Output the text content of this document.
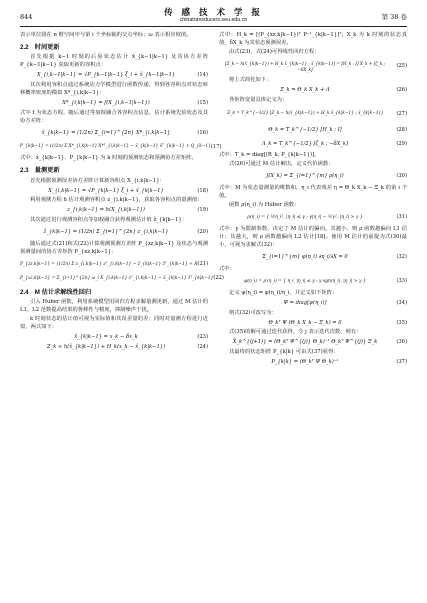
844	传 感 技 术 学 报
chinatransducers.seu.edu.cn	第 38 卷

表示单位圆在 n 维空间中与第 i 个坐标轴的交点坐标；ω 表示相应权值。

2.2　时间更新

首先根据 k−1 时刻的后验状态估计 x̂_{k−1|k−1} 及其协方差阵 P_{k−1|k−1} 获取更新的容积点：

X_{i,k−1|k−1} = √P_{k−1|k−1} ξ_i + x̂_{k−1|k−1}	(14)

其次利用容积点通过系统动力学模型进行函数传递，得到各容积点对状态转移概率密度的模拟 X*_{i,k|k−1}：

X*_{i,k|k−1} = f(X_{i,k−1|k−1})	(15)

式中 f 为状态方程。随后通过等加权融合各容积点信息，估计系统先验状态及其协方差阵：

x̂_{k|k−1} = (1/2n) Σ_{i=1}^{2n} X*_{i,k|k−1}	(16)
P_{k|k−1} = (1/2n) Σ X*_{i,k|k−1} X*ᵀ_{i,k|k−1} − x̂_{k|k−1} x̂ᵀ_{k|k−1} + Q_{k−1} (17)

式中：x̂_{k|k−1}、P_{k|k−1} 为 k 时刻的预测状态和预测协方差矩阵。

2.3　量测更新

首先根据预测误差协方差阵计算新容积点 X_{i,k|k−1}：

X_{i,k|k−1} = √P_{k|k−1} ξ_i + x̂_{k|k−1}	(18)

利用观测方程 h 估计观测容积点 z_{i,k|k−1}，获取各容积点的量测值：

z_{i,k|k−1} = h(X_{i,k|k−1})	(19)

其次通过进行观测容积点等加权融合获得观测估计值 ẑ_{k|k−1}：

ẑ_{k|k−1} = (1/2n) Σ_{i=1}^{2n} z_{i,k|k−1}	(20)

随后通过式(21)和式(22)计算观测预测方差阵 P_{zz,k|k−1} 及状态与观测预测量间的协方差矩阵 P_{xz,k|k−1}：

P_{zz,k|k−1} = (1/2n) Σ z_{i,k|k−1} zᵀ_{i,k|k−1} − ẑ_{k|k−1} ẑᵀ_{k|k−1} + R (21)
P_{xz,k|k−1} = Σ_{i=1}^{2n} ω_i X_{i,k|k−1} zᵀ_{i,k|k−1} − x̂_{k|k−1} ẑᵀ_{k|k−1} (22)
2.4　M 估计求解线性回归

引入 Huber 函数，利用系统模型用回归方程求解量测更新，通过 M 估计的 L1、L2 范数提高结果的鲁棒性与精度，抑制噪声干扰。

k 时刻状态的估计值可视为实际值和其误差量的差；同时对量测方程进行近似，两式如下：

x̂_{k|k−1} = x_k − δx_k	(23)
Z_k ≈ h(x̂_{k|k−1}) + H_k(x_k − x̂_{k|k−1})	(24)

式中：H_k = [(P_{xz,k|k−1})ᵀ P⁻¹_{k|k−1}]ᵀ；X_k 为 k 时刻的状态真值，δX_k 为其状态预测误差。

由式(23)、式(24)可得线性回归方程：

[Z_k − h(x̂_{k|k−1}) + H_k x̂_{k|k−1} ; x̂_{k|k−1}] = [H_k ; I] X_k + [ζ_k ; −δX_k]
(25)

将上式简化如下：

Ξ_k = Θ_k X_k + Λ	(26)

各矩阵变量具体定义为：

Ξ_k = T_k^{−1/2} [Z_k − h(x̂_{k|k−1}) + H_k x̂_{k|k−1} ; x̂_{k|k−1}]	(27)
Θ_k = T_k^{−1/2} [H_k ; I]	(28)
Λ_k = T_k^{−1/2} [ζ_k ; −δX_k]	(29)

式中：T_k = diag[(R_k, P_{k|k−1})]。

式(26)可通过 M 估计解出，定义代价函数：

J(X_k) = Σ_{i=1}^{m} ρ(η_i)	(30)

式中：M 为状态量测量的维数和，η_i 代表残差 η = Θ_k X_k − Ξ_k 的第 i 个值。

函数 ρ(η_i) 为 Huber 函数：

ρ(η_i) = { ½η_i², |η_i| ≤ γ ; γ|η_i| − ½γ², |η_i| > γ }	(31)

式中：γ 为限制参数，决定了 M 估计的偏向。其越小，则 ρ 函数越偏向 L1 估计；其越大，则 ρ 函数越偏向 L2 估计[18]。使用 M 估计的前提为式(30)最小，可视为求解式(32)：

Σ_{i=1}^{m} φ(η_i) ∂η_i/∂X = 0	(32)

式中：

φ(η_i) = ρ′(η_i) = { η_i, |η_i| ≤ γ ; γ sgn(η_i), |η_i| > γ }	(33)

定义 ψ(η_i) = φ(η_i)/η_i，并定义如下矩阵：

Ψ = diag[ψ(η_i)]	(34)

则式(32)可改写为：

Θ_kᵀ Ψ (Θ_k X_k − Ξ_k) = 0	(35)

式(35)的解可通过迭代获得，令 j 表示迭代次数，则有：

X̂_k^{(j+1)} = (Θ_kᵀ Ψ^{(j)} Θ_k)⁻¹ Θ_kᵀ Ψ^{(j)} Ξ_k	(36)

其最终的状态矩阵 P_{k|k} 可由式(37)获得：

P_{k|k} = (Θ_kᵀ Ψ Θ_k)⁻¹	(37)
